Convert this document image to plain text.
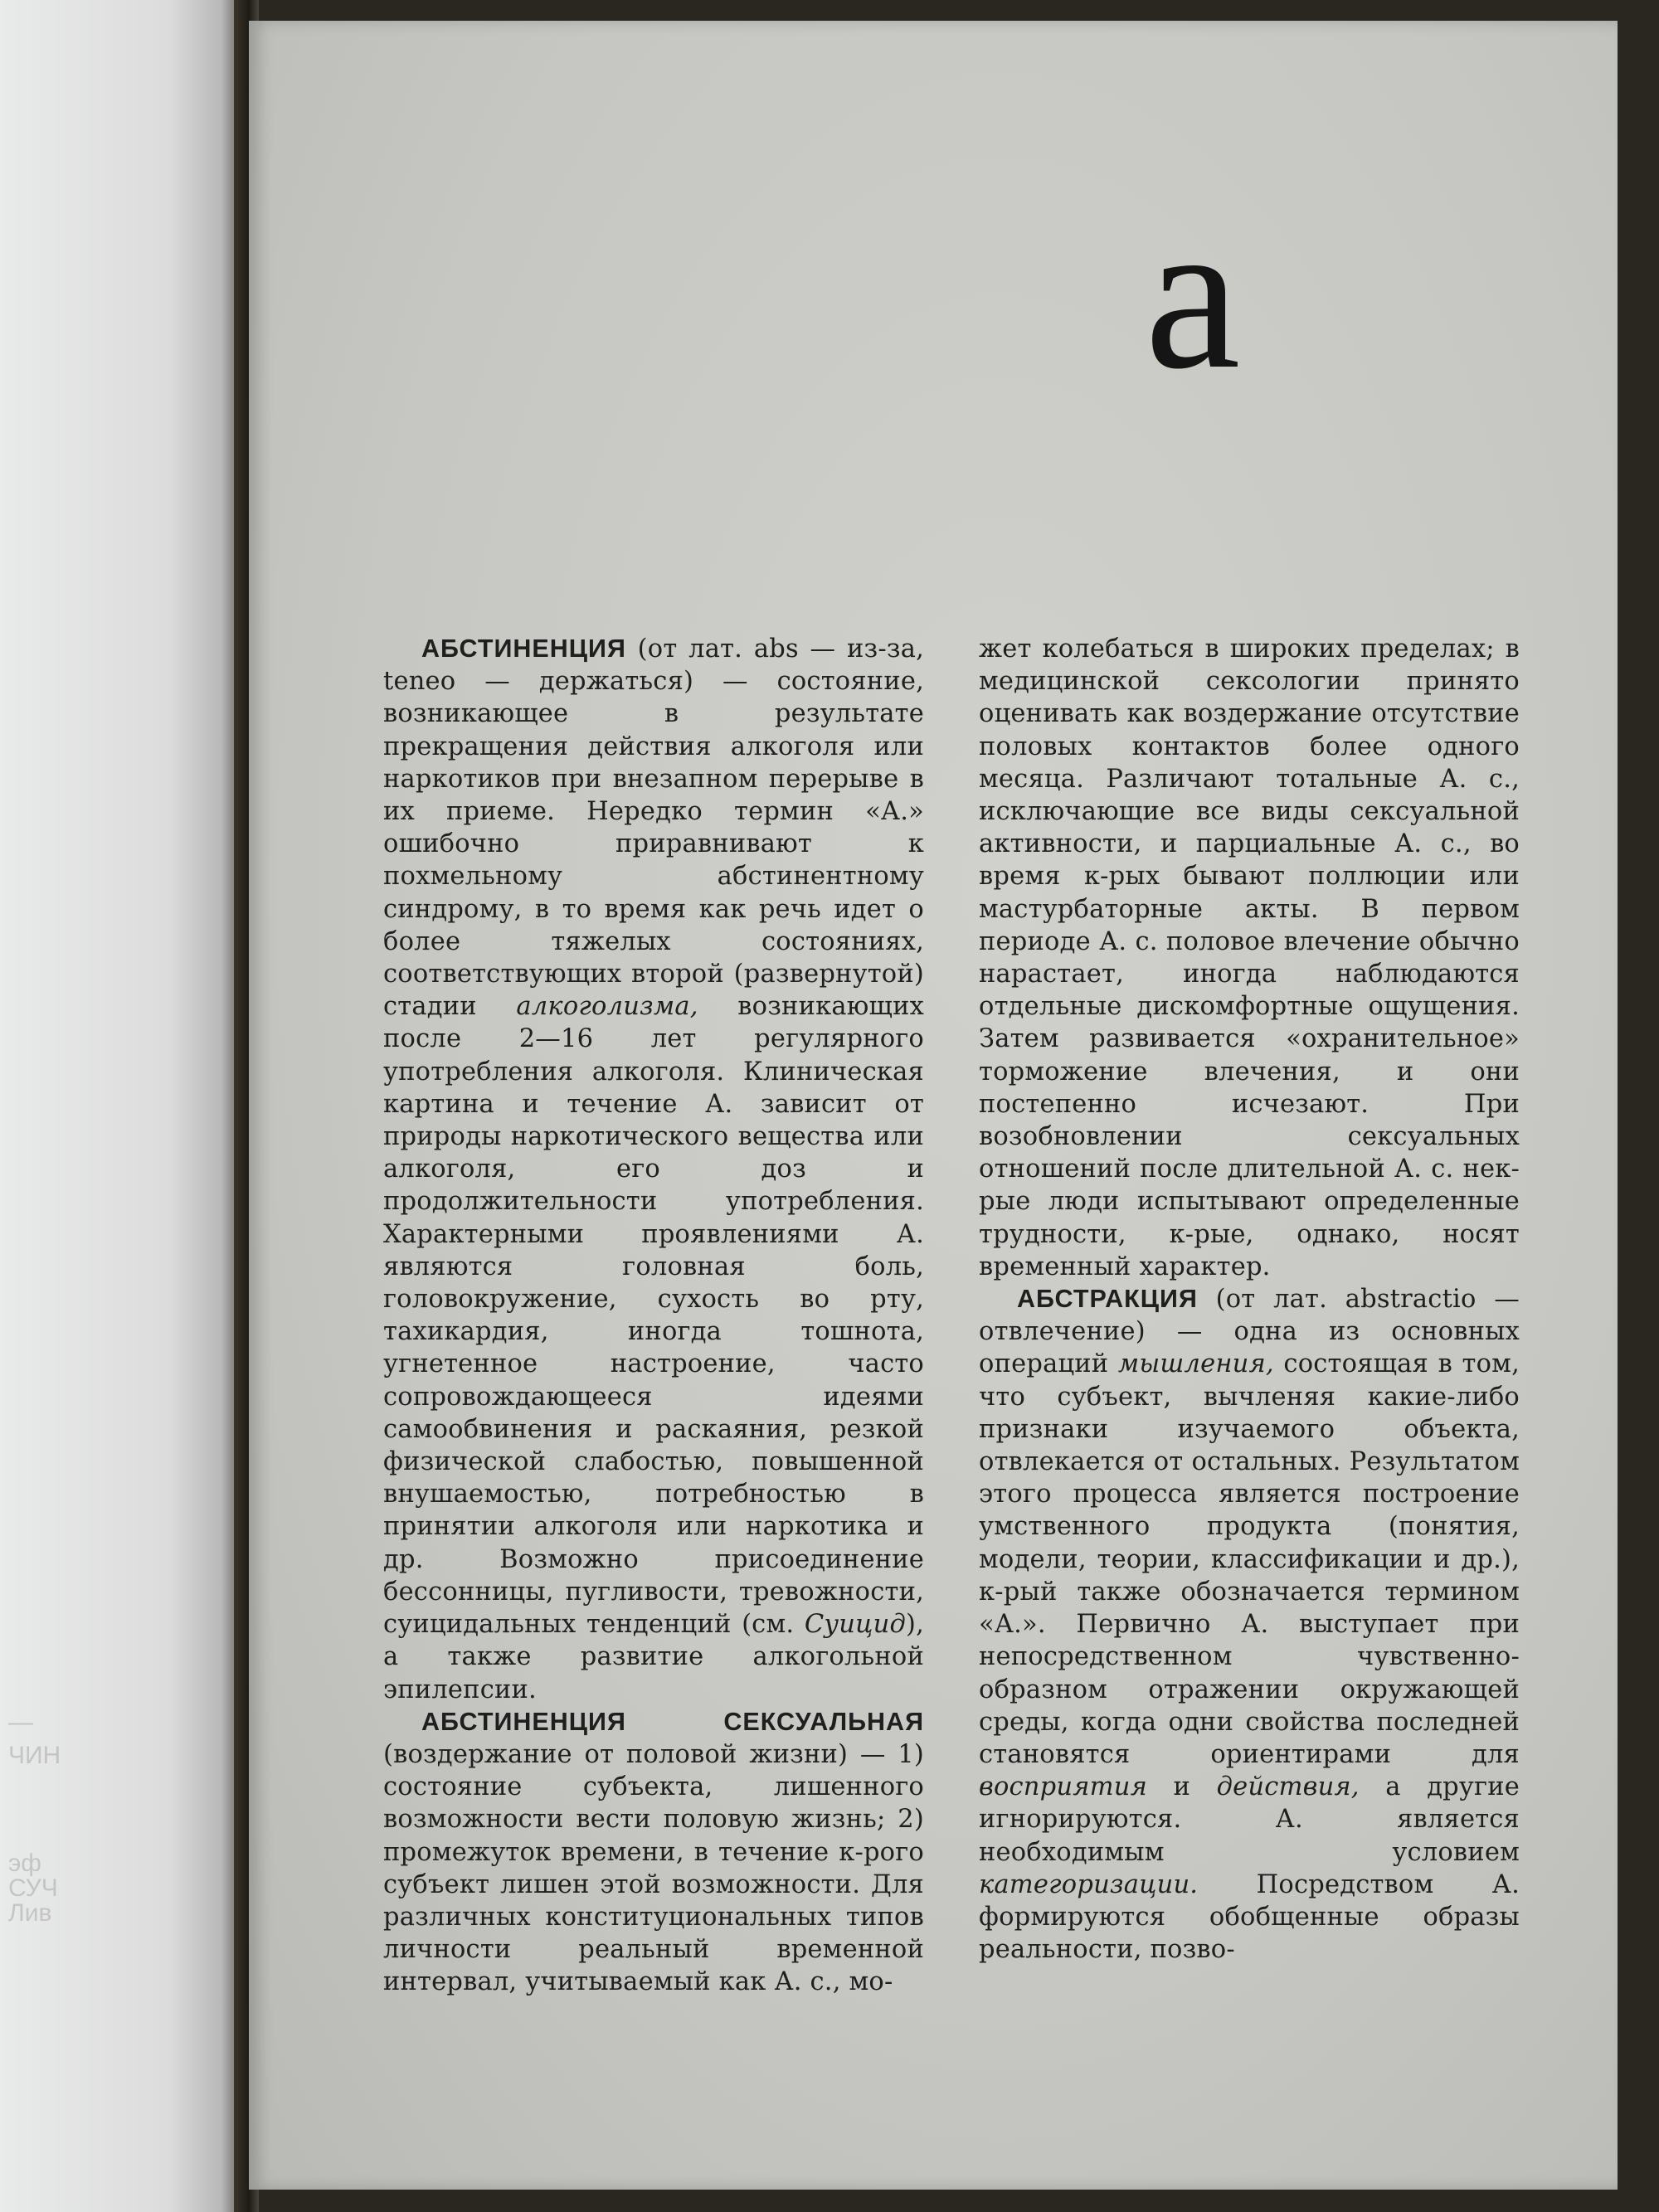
—
ЧИН
эф
СУЧ
Лив
а

АБСТИНЕНЦИЯ (от лат. abs — из-за, teneo — держаться) — состояние, возникающее в результате прекращения действия алкоголя или наркотиков при внезапном перерыве в их приеме. Нередко термин «А.» ошибочно приравнивают к похмельному абстинентному синдрому, в то время как речь идет о более тяжелых состояниях, соответствующих второй (развернутой) стадии алкоголизма, возникающих после 2—16 лет регулярного употребления алкоголя. Клиническая картина и течение А. зависит от природы наркотического вещества или алкоголя, его доз и продолжительности употребления. Характерными проявлениями А. являются головная боль, головокружение, сухость во рту, тахикардия, иногда тошнота, угнетенное настроение, часто сопровождающееся идеями самообвинения и раскаяния, резкой физической слабостью, повышенной внушаемостью, потребностью в принятии алкоголя или наркотика и др. Возможно присоединение бессонницы, пугливости, тревожности, суицидальных тенденций (см. Суицид), а также развитие алкогольной эпилепсии.

АБСТИНЕНЦИЯ СЕКСУАЛЬНАЯ (воздержание от половой жизни) — 1) состояние субъекта, лишенного возможности вести половую жизнь; 2) промежуток времени, в течение к-рого субъект лишен этой возможности. Для различных конституциональных типов личности реальный временной интервал, учитываемый как А. с., мо-

жет колебаться в широких пределах; в медицинской сексологии принято оценивать как воздержание отсутствие половых контактов более одного месяца. Различают тотальные А. с., исключающие все виды сексуальной активности, и парциальные А. с., во время к-рых бывают поллюции или мастурбаторные акты. В первом периоде А. с. половое влечение обычно нарастает, иногда наблюдаются отдельные дискомфортные ощущения. Затем развивается «охранительное» торможение влечения, и они постепенно исчезают. При возобновлении сексуальных отношений после длительной А. с. нек-рые люди испытывают определенные трудности, к-рые, однако, носят временный характер.

АБСТРАКЦИЯ (от лат. abstractio — отвлечение) — одна из основных операций мышления, состоящая в том, что субъект, вычленяя какие-либо признаки изучаемого объекта, отвлекается от остальных. Результатом этого процесса является построение умственного продукта (понятия, модели, теории, классификации и др.), к-рый также обозначается термином «А.». Первично А. выступает при непосредственном чувственно-образном отражении окружающей среды, когда одни свойства последней становятся ориентирами для восприятия и действия, а другие игнорируются. А. является необходимым условием категоризации. Посредством А. формируются обобщенные образы реальности, позво-
